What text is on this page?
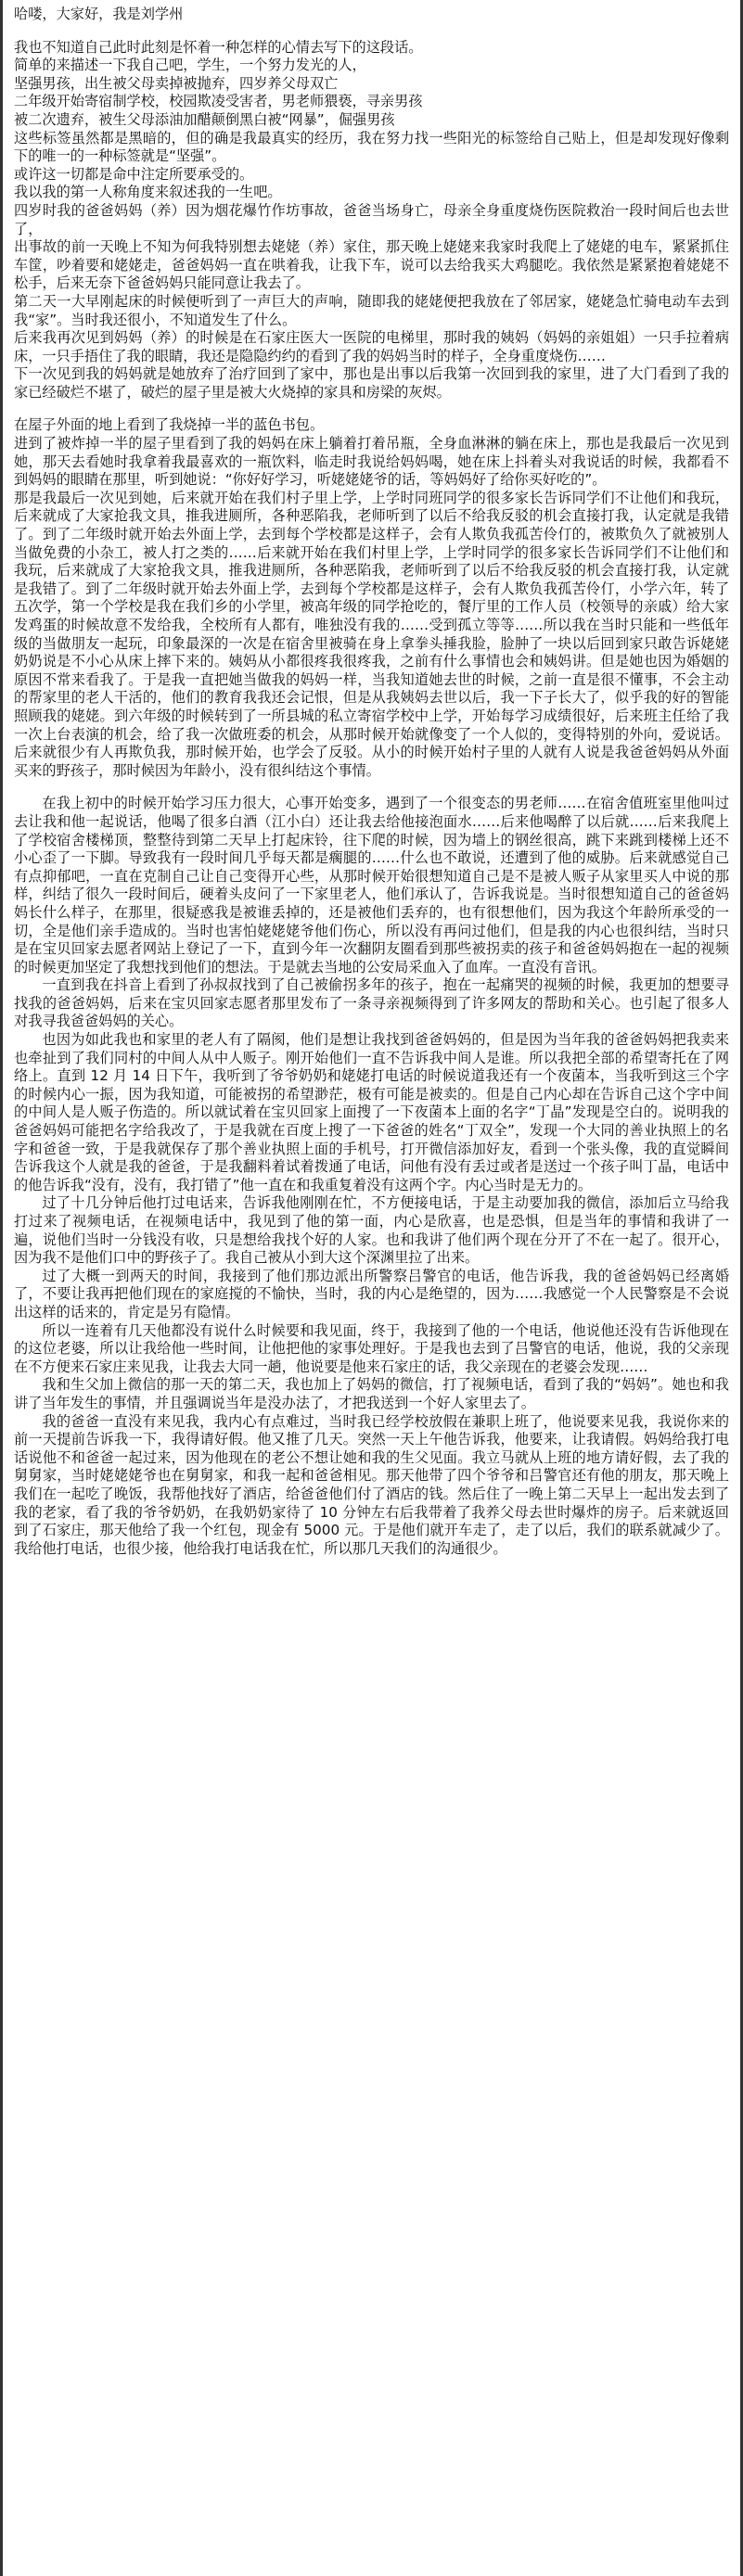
哈喽，大家好，我是刘学州

我也不知道自己此时此刻是怀着一种怎样的心情去写下的这段话。

简单的来描述一下我自己吧，学生，一个努力发光的人，

坚强男孩，出生被父母卖掉被抛弃，四岁养父母双亡

二年级开始寄宿制学校，校园欺凌受害者，男老师猥亵，寻亲男孩

被二次遗弃，被生父母添油加醋颠倒黑白被“网暴”，倔强男孩

这些标签虽然都是黑暗的，但的确是我最真实的经历，我在努力找一些阳光的标签给自己贴上，但是却发现好像剩下的唯一的一种标签就是“坚强”。

或许这一切都是命中注定所要承受的。

我以我的第一人称角度来叙述我的一生吧。

四岁时我的爸爸妈妈（养）因为烟花爆竹作坊事故，爸爸当场身亡，母亲全身重度烧伤医院救治一段时间后也去世了，

出事故的前一天晚上不知为何我特别想去姥姥（养）家住，那天晚上姥姥来我家时我爬上了姥姥的电车，紧紧抓住车筐，吵着要和姥姥走，爸爸妈妈一直在哄着我，让我下车，说可以去给我买大鸡腿吃。我依然是紧紧抱着姥姥不松手，后来无奈下爸爸妈妈只能同意让我去了。

第二天一大早刚起床的时候便听到了一声巨大的声响，随即我的姥姥便把我放在了邻居家，姥姥急忙骑电动车去到我“家”。当时我还很小，不知道发生了什么。

后来我再次见到妈妈（养）的时候是在石家庄医大一医院的电梯里，那时我的姨妈（妈妈的亲姐姐）一只手拉着病床，一只手捂住了我的眼睛，我还是隐隐约约的看到了我的妈妈当时的样子，全身重度烧伤……

下一次见到我的妈妈就是她放弃了治疗回到了家中，那也是出事以后我第一次回到我的家里，进了大门看到了我的家已经破烂不堪了，破烂的屋子里是被大火烧掉的家具和房梁的灰烬。

在屋子外面的地上看到了我烧掉一半的蓝色书包。

进到了被炸掉一半的屋子里看到了我的妈妈在床上躺着打着吊瓶，全身血淋淋的躺在床上，那也是我最后一次见到她，那天去看她时我拿着我最喜欢的一瓶饮料，临走时我说给妈妈喝，她在床上抖着头对我说话的时候，我都看不到妈妈的眼睛在那里，听到她说：“你好好学习，听姥姥姥爷的话，等妈妈好了给你买好吃的”。

那是我最后一次见到她，后来就开始在我们村子里上学，上学时同班同学的很多家长告诉同学们不让他们和我玩，后来就成了大家抢我文具，推我进厕所，各种恶陷我，老师听到了以后不给我反驳的机会直接打我，认定就是我错了。到了二年级时就开始去外面上学，去到每个学校都是这样子，会有人欺负我孤苦伶仃的，被欺负久了就被别人当做免费的小杂工，被人打之类的……后来就开始在我们村里上学，上学时同学的很多家长告诉同学们不让他们和我玩，后来就成了大家抢我文具，推我进厕所，各种恶陷我，老师听到了以后不给我反驳的机会直接打我，认定就是我错了。到了二年级时就开始去外面上学，去到每个学校都是这样子，会有人欺负我孤苦伶仃，小学六年，转了五次学，第一个学校是我在我们乡的小学里，被高年级的同学抢吃的，餐厅里的工作人员（校领导的亲戚）给大家发鸡蛋的时候故意不发给我，全校所有人都有，唯独没有我的……受到孤立等等……所以我在当时只能和一些低年级的当做朋友一起玩，印象最深的一次是在宿舍里被骑在身上拿拳头捶我脸，脸肿了一块以后回到家只敢告诉姥姥奶奶说是不小心从床上摔下来的。姨妈从小都很疼我很疼我，之前有什么事情也会和姨妈讲。但是她也因为婚姻的原因不常来看我了。于是我一直把她当做我的妈妈一样，当我知道她去世的时候，之前一直是很不懂事，不会主动的帮家里的老人干活的，他们的教育我我还会记恨，但是从我姨妈去世以后，我一下子长大了，似乎我的好的智能照顾我的姥姥。到六年级的时候转到了一所县城的私立寄宿学校中上学，开始每学习成绩很好，后来班主任给了我一次上台表演的机会，给了我一次做班委的机会，从那时候开始就像变了一个人似的，变得特别的外向，爱说话。后来就很少有人再欺负我，那时候开始，也学会了反驳。从小的时候开始村子里的人就有人说是我爸爸妈妈从外面买来的野孩子，那时候因为年龄小，没有很纠结这个事情。

在我上初中的时候开始学习压力很大，心事开始变多，遇到了一个很变态的男老师……在宿舍值班室里他叫过去让我和他一起说话，他喝了很多白酒（江小白）还让我去给他接泡面水……后来他喝醉了以后就……后来我爬上了学校宿舍楼梯顶，整整待到第二天早上打起床铃，往下爬的时候，因为墙上的钢丝很高，跳下来跳到楼梯上还不小心歪了一下脚。导致我有一段时间几乎每天都是瘸腿的……什么也不敢说，还遭到了他的威胁。后来就感觉自己有点抑郁吧，一直在克制自己让自己变得开心些，从那时候开始很想知道自己是不是被人贩子从家里买人中说的那样，纠结了很久一段时间后，硬着头皮问了一下家里老人，他们承认了，告诉我说是。当时很想知道自己的爸爸妈妈长什么样子，在那里，很疑惑我是被谁丢掉的，还是被他们丢弃的，也有很想他们，因为我这个年龄所承受的一切，全是他们亲手造成的。当时也害怕姥姥姥爷他们伤心，所以没有再问过他们，但是我的内心也很纠结，当时只是在宝贝回家去愿者网站上登记了一下，直到今年一次翻阴友圈看到那些被拐卖的孩子和爸爸妈妈抱在一起的视频的时候更加坚定了我想找到他们的想法。于是就去当地的公安局采血入了血库。一直没有音讯。

一直到我在抖音上看到了孙叔叔找到了自己被偷拐多年的孩子，抱在一起痛哭的视频的时候，我更加的想要寻找我的爸爸妈妈，后来在宝贝回家志愿者那里发布了一条寻亲视频得到了许多网友的帮助和关心。也引起了很多人对我寻我爸爸妈妈的关心。

也因为如此我也和家里的老人有了隔阂，他们是想让我找到爸爸妈妈的，但是因为当年我的爸爸妈妈把我卖来也牵扯到了我们同村的中间人从中人贩子。刚开始他们一直不告诉我中间人是谁。所以我把全部的希望寄托在了网络上。直到 12 月 14 日下午，我听到了爷爷奶奶和姥姥打电话的时候说道我还有一个夜菌本，当我听到这三个字的时候内心一振，因为我知道，可能被拐的希望渺茫，极有可能是被卖的。但是自己内心却在告诉自己这个字中间的中间人是人贩子伤造的。所以就试着在宝贝回家上面搜了一下夜菌本上面的名字“丁晶”发现是空白的。说明我的爸爸妈妈可能把名字给我改了，于是我就在百度上搜了一下爸爸的姓名“丁双全”，发现一个大同的善业执照上的名字和爸爸一致，于是我就保存了那个善业执照上面的手机号，打开微信添加好友，看到一个张头像，我的直觉瞬间告诉我这个人就是我的爸爸，于是我翻料着试着拨通了电话，问他有没有丢过或者是送过一个孩子叫丁晶，电话中的他告诉我“没有，没有，我打错了”他一直在和我重复着没有这两个字。内心当时是无力的。

过了十几分钟后他打过电话来，告诉我他刚刚在忙，不方便接电话，于是主动要加我的微信，添加后立马给我打过来了视频电话，在视频电话中，我见到了他的第一面，内心是欣喜，也是恐惧，但是当年的事情和我讲了一遍，说他们当时一分钱没有收，只是想给我找个好的人家。也和我讲了他们两个现在分开了不在一起了。很开心，因为我不是他们口中的野孩子了。我自己被从小到大这个深渊里拉了出来。

过了大概一到两天的时间，我接到了他们那边派出所警察吕警官的电话，他告诉我，我的爸爸妈妈已经离婚了，不要让我再把他们现在的家庭搅的不愉快，当时，我的内心是绝望的，因为……我感觉一个人民警察是不会说出这样的话来的，肯定是另有隐情。

所以一连着有几天他都没有说什么时候要和我见面，终于，我接到了他的一个电话，他说他还没有告诉他现在的这位老婆，所以让我给他一些时间，让他把他的家事处理好。于是我也去到了吕警官的电话，他说，我的父亲现在不方便来石家庄来见我，让我去大同一趟，他说要是他来石家庄的话，我父亲现在的老婆会发现……

我和生父加上微信的那一天的第二天，我也加上了妈妈的微信，打了视频电话，看到了我的“妈妈”。她也和我讲了当年发生的事情，并且强调说当年是没办法了，才把我送到一个好人家里去了。

我的爸爸一直没有来见我，我内心有点难过，当时我已经学校放假在兼职上班了，他说要来见我，我说你来的前一天提前告诉我一下，我得请好假。他又推了几天。突然一天上午他告诉我，他要来，让我请假。妈妈给我打电话说他不和爸爸一起过来，因为他现在的老公不想让她和我的生父见面。我立马就从上班的地方请好假，去了我的舅舅家，当时姥姥姥爷也在舅舅家，和我一起和爸爸相见。那天他带了四个爷爷和吕警官还有他的朋友，那天晚上我们在一起吃了晚饭，我帮他找好了酒店，给爸爸他们付了酒店的钱。然后住了一晚上第二天早上一起出发去到了我的老家，看了我的爷爷奶奶，在我奶奶家待了 10 分钟左右后我带着了我养父母去世时爆炸的房子。后来就返回到了石家庄，那天他给了我一个红包，现金有 5000 元。于是他们就开车走了，走了以后，我们的联系就减少了。我给他打电话，也很少接，他给我打电话我在忙，所以那几天我们的沟通很少。
